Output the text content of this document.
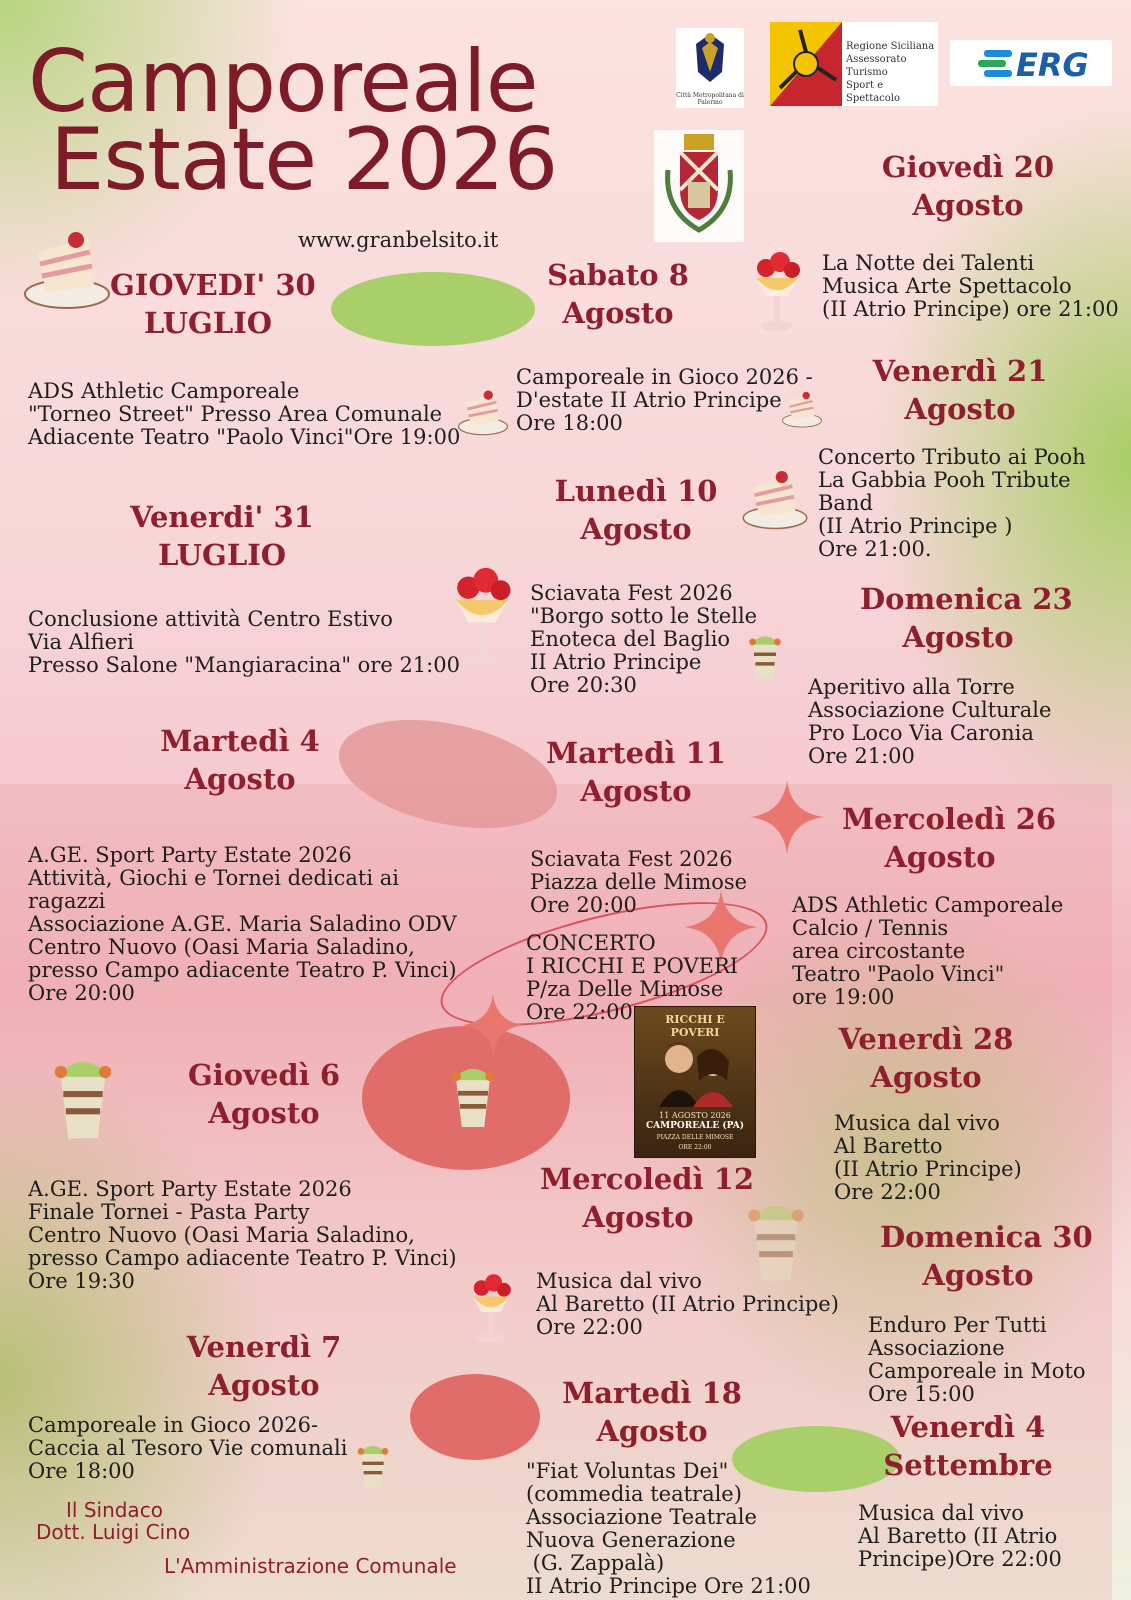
Camporeale
Estate 2026
www.granbelsito.it
Città Metropolitana di Palermo
Regione Siciliana
Assessorato Turismo
Sport e Spettacolo
ERG
RICCHI E POVERI
11 AGOSTO 2026
CAMPOREALE (PA)
PIAZZA DELLE MIMOSE
ORE 22:00
GIOVEDI' 30
LUGLIO
ADS Athletic Camporeale
"Torneo Street" Presso Area Comunale
Adiacente Teatro "Paolo Vinci"Ore 19:00
Venerdi' 31
LUGLIO
Conclusione attività Centro Estivo
Via Alfieri
Presso Salone "Mangiaracina" ore 21:00
Martedì 4
Agosto
A.GE. Sport Party Estate 2026
Attività, Giochi e Tornei dedicati ai
ragazzi
Associazione A.GE. Maria Saladino ODV
Centro Nuovo (Oasi Maria Saladino,
presso Campo adiacente Teatro P. Vinci)
Ore 20:00
Giovedì 6
Agosto
A.GE. Sport Party Estate 2026
Finale Tornei - Pasta Party
Centro Nuovo (Oasi Maria Saladino,
presso Campo adiacente Teatro P. Vinci)
Ore 19:30
Venerdì 7
Agosto
Camporeale in Gioco 2026-
Caccia al Tesoro Vie comunali
Ore 18:00
Sabato 8
Agosto
Camporeale in Gioco 2026 -
D'estate II Atrio Principe
Ore 18:00
Lunedì 10
Agosto
Sciavata Fest 2026
"Borgo sotto le Stelle
Enoteca del Baglio
II Atrio Principe
Ore 20:30
Martedì 11
Agosto
Sciavata Fest 2026
Piazza delle Mimose
Ore 20:00
CONCERTO
I RICCHI E POVERI
P/za Delle Mimose
Ore 22:00
Mercoledì 12
Agosto
Musica dal vivo
Al Baretto (II Atrio Principe)
Ore 22:00
Martedì 18
Agosto
"Fiat Voluntas Dei"
(commedia teatrale)
Associazione Teatrale
Nuova Generazione
(G. Zappalà)
II Atrio Principe Ore 21:00
Giovedì 20
Agosto
La Notte dei Talenti
Musica Arte Spettacolo
(II Atrio Principe) ore 21:00
Venerdì 21
Agosto
Concerto Tributo ai Pooh
La Gabbia Pooh Tribute
Band
(II Atrio Principe )
Ore 21:00.
Domenica 23
Agosto
Aperitivo alla Torre
Associazione Culturale
Pro Loco Via Caronia
Ore 21:00
Mercoledì 26
Agosto
ADS Athletic Camporeale
Calcio / Tennis
area circostante
Teatro "Paolo Vinci"
ore 19:00
Venerdì 28
Agosto
Musica dal vivo
Al Baretto
(II Atrio Principe)
Ore 22:00
Domenica 30
Agosto
Enduro Per Tutti
Associazione
Camporeale in Moto
Ore 15:00
Venerdì 4
Settembre
Musica dal vivo
Al Baretto (II Atrio
Principe)Ore 22:00
Il Sindaco
Dott. Luigi Cino
L'Amministrazione Comunale
